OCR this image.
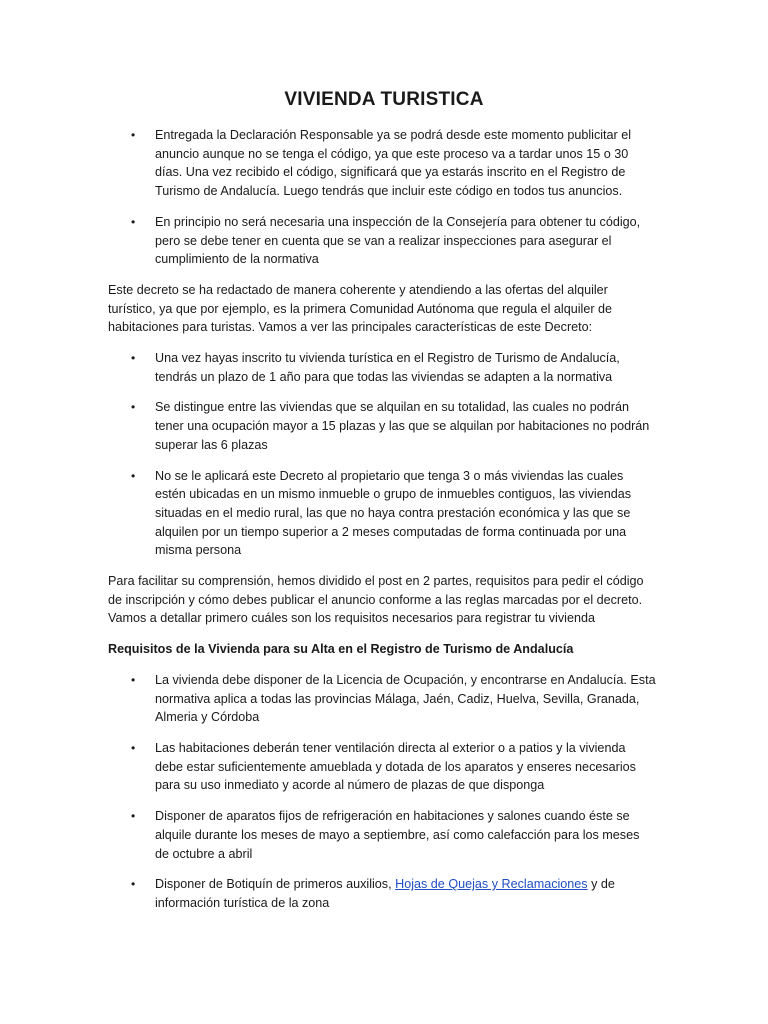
VIVIENDA TURISTICA
• Entregada la Declaración Responsable ya se podrá desde este momento publicitar el anuncio aunque no se tenga el código, ya que este proceso va a tardar unos 15 o 30 días. Una vez recibido el código, significará que ya estarás inscrito en el Registro de Turismo de Andalucía. Luego tendrás que incluir este código en todos tus anuncios.
• En principio no será necesaria una inspección de la Consejería para obtener tu código, pero se debe tener en cuenta que se van a realizar inspecciones para asegurar el cumplimiento de la normativa

Este decreto se ha redactado de manera coherente y atendiendo a las ofertas del alquiler turístico, ya que por ejemplo, es la primera Comunidad Autónoma que regula el alquiler de habitaciones para turistas. Vamos a ver las principales características de este Decreto:

• Una vez hayas inscrito tu vivienda turística en el Registro de Turismo de Andalucía, tendrás un plazo de 1 año para que todas las viviendas se adapten a la normativa
• Se distingue entre las viviendas que se alquilan en su totalidad, las cuales no podrán tener una ocupación mayor a 15 plazas y las que se alquilan por habitaciones no podrán superar las 6 plazas
• No se le aplicará este Decreto al propietario que tenga 3 o más viviendas las cuales estén ubicadas en un mismo inmueble o grupo de inmuebles contiguos, las viviendas situadas en el medio rural, las que no haya contra prestación económica y las que se alquilen por un tiempo superior a 2 meses computadas de forma continuada por una misma persona

Para facilitar su comprensión, hemos dividido el post en 2 partes, requisitos para pedir el código de inscripción y cómo debes publicar el anuncio conforme a las reglas marcadas por el decreto. Vamos a detallar primero cuáles son los requisitos necesarios para registrar tu vivienda

Requisitos de la Vivienda para su Alta en el Registro de Turismo de Andalucía

• La vivienda debe disponer de la Licencia de Ocupación, y encontrarse en Andalucía. Esta normativa aplica a todas las provincias Málaga, Jaén, Cadiz, Huelva, Sevilla, Granada, Almeria y Córdoba
• Las habitaciones deberán tener ventilación directa al exterior o a patios y la vivienda debe estar suficientemente amueblada y dotada de los aparatos y enseres necesarios para su uso inmediato y acorde al número de plazas de que disponga
• Disponer de aparatos fijos de refrigeración en habitaciones y salones cuando éste se alquile durante los meses de mayo a septiembre, así como calefacción para los meses de octubre a abril
• Disponer de Botiquín de primeros auxilios, Hojas de Quejas y Reclamaciones y de información turística de la zona
